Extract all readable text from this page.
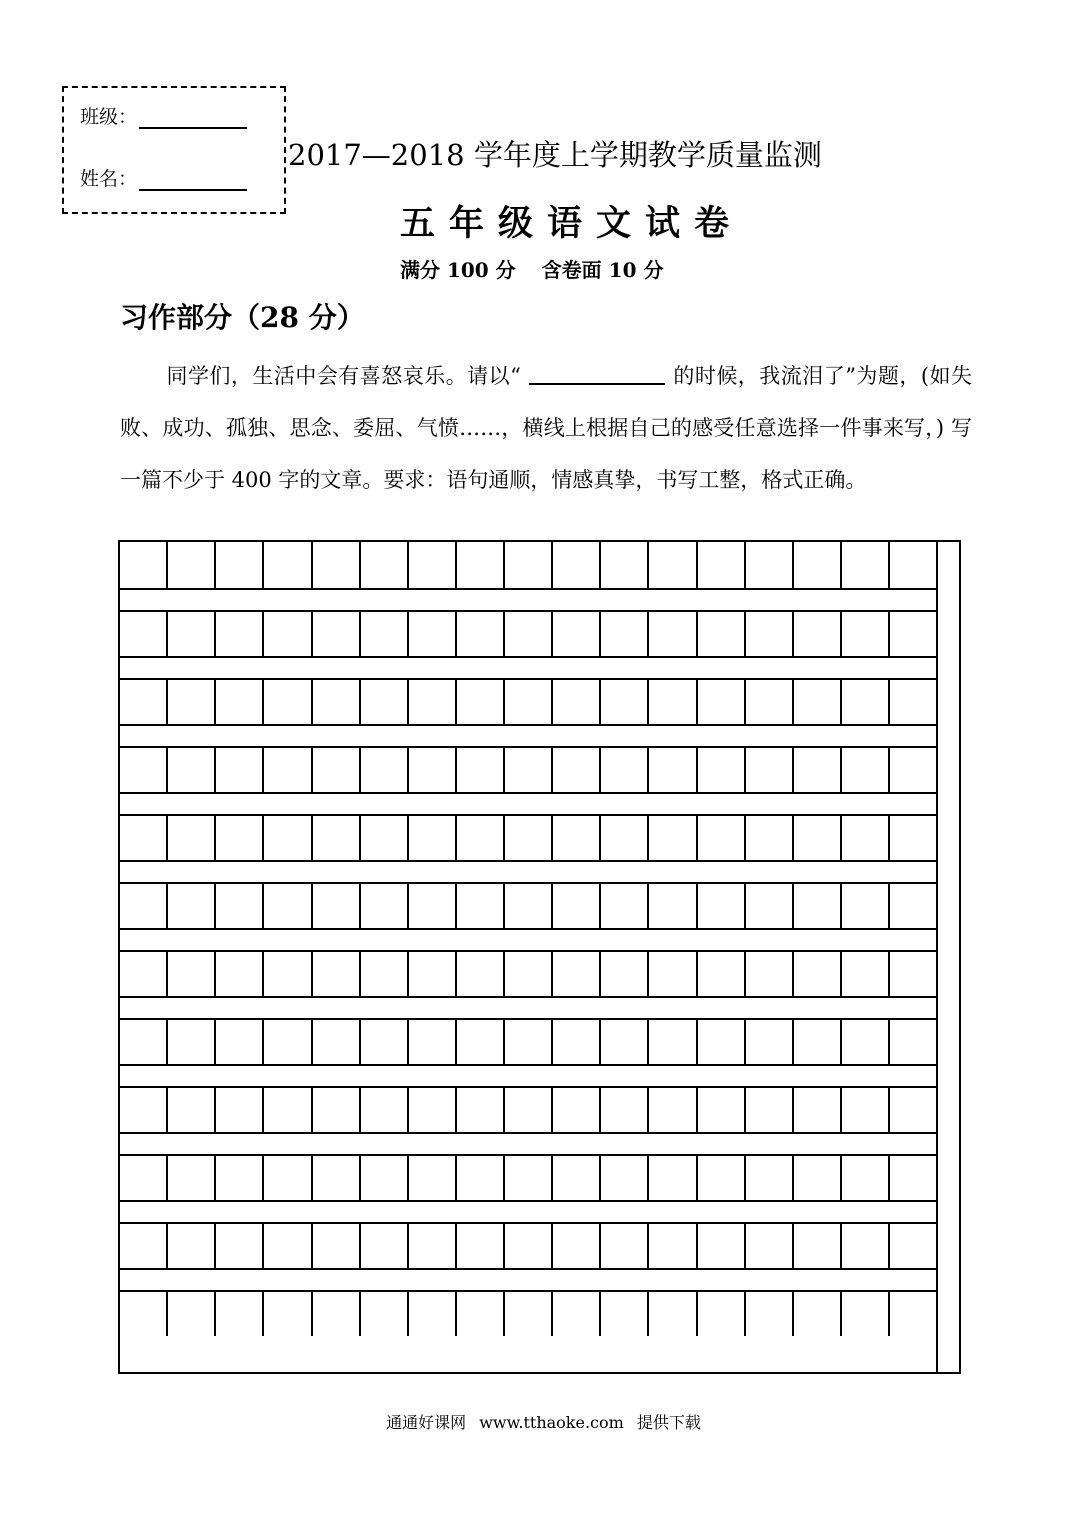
班级：
姓名：
2017—2018 学年度上学期教学质量监测
五年级语文试卷
满分 100 分 含卷面 10 分
习作部分（28 分）

同学们，生活中会有喜怒哀乐。请以“	的时候，我流泪了”为题，(如失败、成功、孤独、思念、委屈、气愤……，横线上根据自己的感受任意选择一件事来写，) 写一篇不少于 400 字的文章。要求：语句通顺，情感真挚，书写工整，格式正确。

通通好课网 www.tthaoke.com 提供下载
